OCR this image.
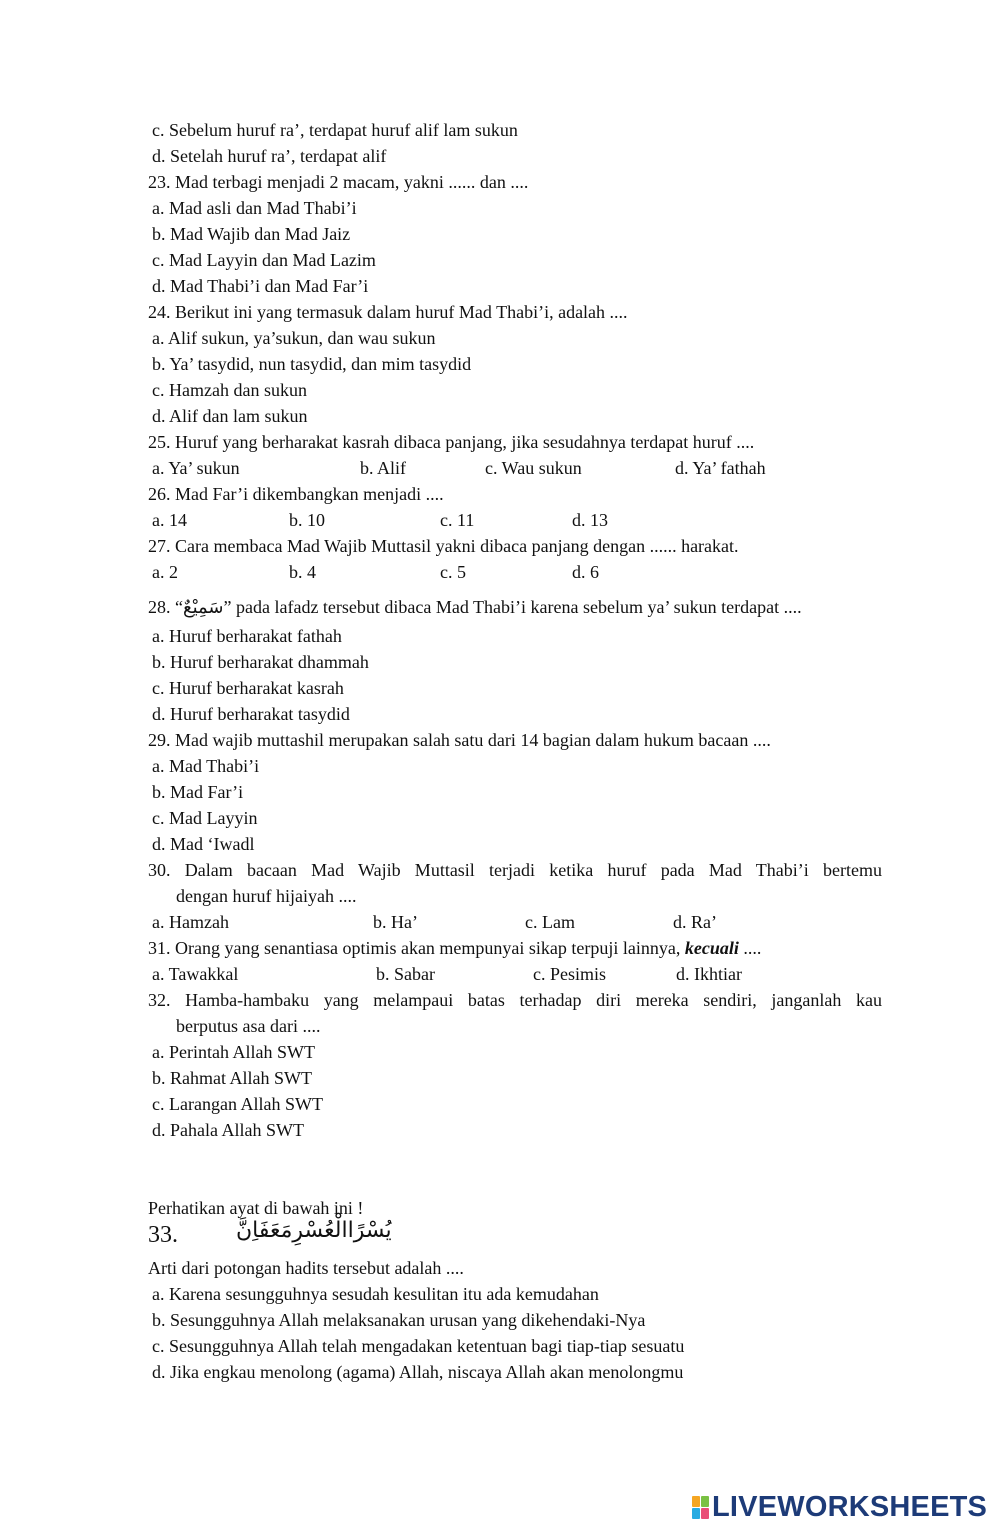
c. Sebelum huruf ra’, terdapat huruf alif lam sukun
d. Setelah huruf ra’, terdapat alif
23. Mad terbagi menjadi 2 macam, yakni ...... dan ....
a. Mad asli dan Mad Thabi’i
b. Mad Wajib dan Mad Jaiz
c. Mad Layyin dan Mad Lazim
d. Mad Thabi’i dan Mad Far’i
24. Berikut ini yang termasuk dalam huruf Mad Thabi’i, adalah ....
a. Alif sukun, ya’sukun, dan wau sukun
b. Ya’ tasydid, nun tasydid, dan mim tasydid
c. Hamzah dan sukun
d. Alif dan lam sukun
25. Huruf yang berharakat kasrah dibaca panjang, jika sesudahnya terdapat huruf ....
a. Ya’ sukun	b. Alif	c. Wau sukun	d. Ya’ fathah
26. Mad Far’i dikembangkan menjadi ....
a. 14	b. 10	c. 11	d. 13
27. Cara membaca Mad Wajib Muttasil yakni dibaca panjang dengan ...... harakat.
a. 2	b. 4	c. 5	d. 6
28. “سَمِيْعٌ” pada lafadz tersebut dibaca Mad Thabi’i karena sebelum ya’ sukun terdapat ....
a. Huruf berharakat fathah
b. Huruf berharakat dhammah
c. Huruf berharakat kasrah
d. Huruf berharakat tasydid
29. Mad wajib muttashil merupakan salah satu dari 14 bagian dalam hukum bacaan ....
a. Mad Thabi’i
b. Mad Far’i
c. Mad Layyin
d. Mad ‘Iwadl
30. Dalam bacaan Mad Wajib Muttasil terjadi ketika huruf pada Mad Thabi’i bertemu
dengan huruf hijaiyah ....
a. Hamzah	b. Ha’	c. Lam	d. Ra’
31. Orang yang senantiasa optimis akan mempunyai sikap terpuji lainnya, kecuali ....
a. Tawakkal	b. Sabar	c. Pesimis	d. Ikhtiar
32. Hamba-hambaku yang melampaui batas terhadap diri mereka sendiri, janganlah kau
berputus asa dari ....
a. Perintah Allah SWT
b. Rahmat Allah SWT
c. Larangan Allah SWT
d. Pahala Allah SWT
Perhatikan ayat di bawah ini !
33.	يُسْرًاالْعُسْرِمَعَفَاِنَّ
Arti dari potongan hadits tersebut adalah ....
a. Karena sesungguhnya sesudah kesulitan itu ada kemudahan
b. Sesungguhnya Allah melaksanakan urusan yang dikehendaki-Nya
c. Sesungguhnya Allah telah mengadakan ketentuan bagi tiap-tiap sesuatu
d. Jika engkau menolong (agama) Allah, niscaya Allah akan menolongmu
LIVEWORKSHEETS
